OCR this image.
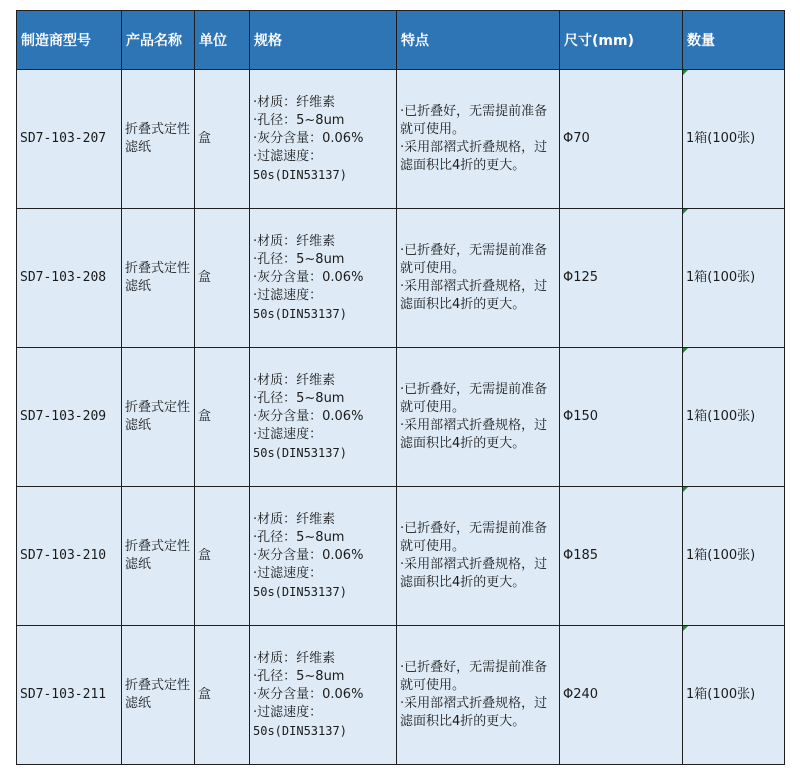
制造商型号	产品名称	单位	规格	特点	尺寸(mm)	数量
SD7-103-207	折叠式定性滤纸	盒	·材质：纤维素
·孔径：5~8um
·灰分含量：0.06%
·过滤速度：
50s(DIN53137)	·已折叠好，无需提前准备就可使用。
·采用部褶式折叠规格，过滤面积比4折的更大。	Φ70	1箱(100张)

SD7-103-208	折叠式定性滤纸	盒	·材质：纤维素
·孔径：5~8um
·灰分含量：0.06%
·过滤速度：
50s(DIN53137)	·已折叠好，无需提前准备就可使用。
·采用部褶式折叠规格，过滤面积比4折的更大。	Φ125	1箱(100张)

SD7-103-209	折叠式定性滤纸	盒	·材质：纤维素
·孔径：5~8um
·灰分含量：0.06%
·过滤速度：
50s(DIN53137)	·已折叠好，无需提前准备就可使用。
·采用部褶式折叠规格，过滤面积比4折的更大。	Φ150	1箱(100张)

SD7-103-210	折叠式定性滤纸	盒	·材质：纤维素
·孔径：5~8um
·灰分含量：0.06%
·过滤速度：
50s(DIN53137)	·已折叠好，无需提前准备就可使用。
·采用部褶式折叠规格，过滤面积比4折的更大。	Φ185	1箱(100张)

SD7-103-211	折叠式定性滤纸	盒	·材质：纤维素
·孔径：5~8um
·灰分含量：0.06%
·过滤速度：
50s(DIN53137)	·已折叠好，无需提前准备就可使用。
·采用部褶式折叠规格，过滤面积比4折的更大。	Φ240	1箱(100张)
